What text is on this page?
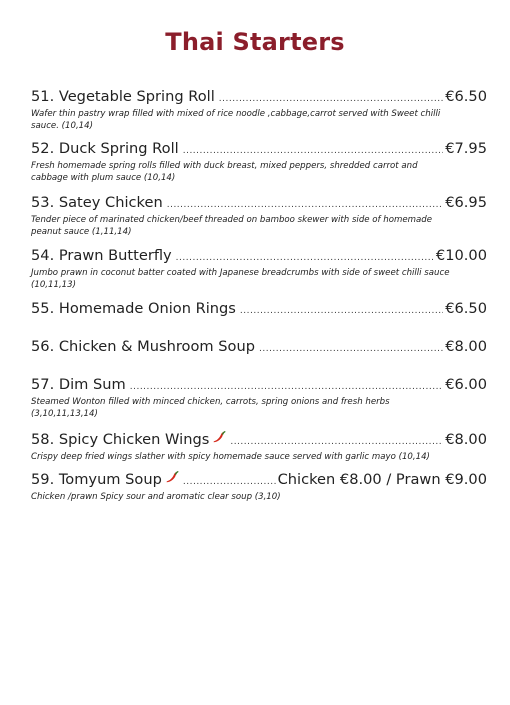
Thai Starters
51. Vegetable Spring Roll .....	€6.50
Wafer thin pastry wrap filled with mixed of rice noodle ,cabbage,carrot served with Sweet chilli sauce. (10,14)
52. Duck Spring Roll .....	€7.95
Fresh homemade spring rolls filled with duck breast, mixed peppers, shredded carrot and cabbage with plum sauce (10,14)
53. Satey Chicken .....	€6.95
Tender piece of marinated chicken/beef threaded on bamboo skewer with side of homemade peanut sauce (1,11,14)
54. Prawn Butterfly .....	€10.00
Jumbo prawn in coconut batter coated with Japanese breadcrumbs with side of sweet chilli sauce (10,11,13)
55. Homemade Onion Rings .....	€6.50
56. Chicken & Mushroom Soup .....	€8.00
57. Dim Sum .....	€6.00
Steamed Wonton filled with minced chicken, carrots, spring onions and fresh herbs (3,10,11,13,14)
58. Spicy Chicken Wings .....	€8.00
Crispy deep fried wings slather with spicy homemade sauce served with garlic mayo (10,14)
59. Tomyum Soup .....	Chicken €8.00 / Prawn €9.00
Chicken /prawn Spicy sour and aromatic clear soup (3,10)
